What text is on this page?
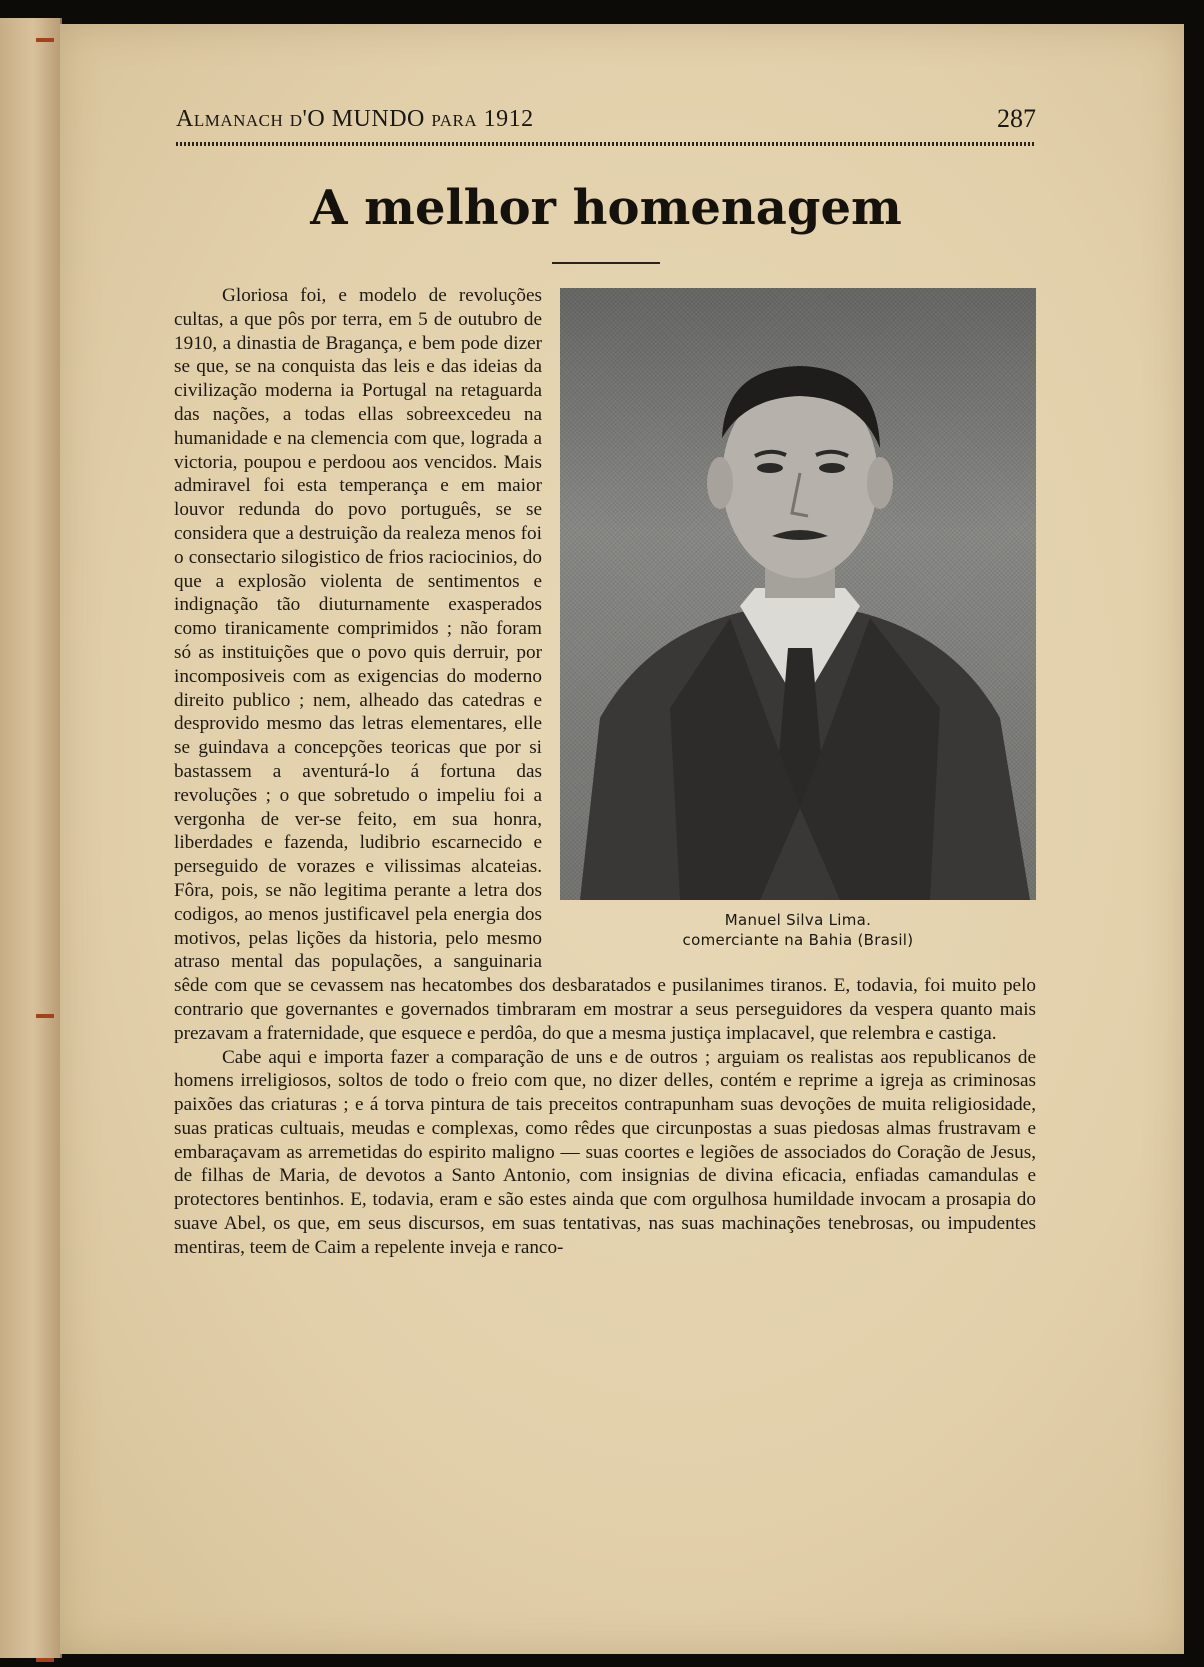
Almanach d'O MUNDO para 1912	287
A melhor homenagem
Manuel Silva Lima.
comerciante na Bahia (Brasil)

Gloriosa foi, e modelo de revoluções cultas, a que pôs por terra, em 5 de outubro de 1910, a dinastia de Bragança, e bem pode dizer se que, se na conquista das leis e das ideias da civilização moderna ia Portugal na retaguarda das nações, a todas ellas sobreexcedeu na humanidade e na clemencia com que, lograda a victoria, poupou e perdoou aos vencidos. Mais admiravel foi esta temperança e em maior louvor redunda do povo português, se se considera que a destruição da realeza menos foi o consectario silogistico de frios raciocinios, do que a explosão violenta de sentimentos e indignação tão diuturnamente exasperados como tiranicamente comprimidos ; não foram só as instituições que o povo quis derruir, por incomposiveis com as exigencias do moderno direito publico ; nem, alheado das catedras e desprovido mesmo das letras elementares, elle se guindava a concepções teoricas que por si bastassem a aventurá-lo á fortuna das revoluções ; o que sobretudo o impeliu foi a vergonha de ver-se feito, em sua honra, liberdades e fazenda, ludibrio escarnecido e perseguido de vorazes e vilissimas alcateias. Fôra, pois, se não legitima perante a letra dos codigos, ao menos justificavel pela energia dos motivos, pelas lições da historia, pelo mesmo atraso mental das populações, a sanguinaria sêde com que se cevassem nas hecatombes dos desbaratados e pusilanimes tiranos. E, todavia, foi muito pelo contrario que governantes e governados timbraram em mostrar a seus perseguidores da vespera quanto mais prezavam a fraternidade, que esquece e perdôa, do que a mesma justiça implacavel, que relembra e castiga.

Cabe aqui e importa fazer a comparação de uns e de outros ; arguiam os realistas aos republicanos de homens irreligiosos, soltos de todo o freio com que, no dizer delles, contém e reprime a igreja as criminosas paixões das criaturas ; e á torva pintura de tais preceitos contrapunham suas devoções de muita religiosidade, suas praticas cultuais, meudas e complexas, como rêdes que circunpostas a suas piedosas almas frustravam e embaraçavam as arremetidas do espirito maligno — suas coortes e legiões de associados do Coração de Jesus, de filhas de Maria, de devotos a Santo Antonio, com insignias de divina eficacia, enfiadas camandulas e protectores bentinhos. E, todavia, eram e são estes ainda que com orgulhosa humildade invocam a prosapia do suave Abel, os que, em seus discursos, em suas tentativas, nas suas machinações tenebrosas, ou impudentes mentiras, teem de Caim a repelente inveja e ranco-
